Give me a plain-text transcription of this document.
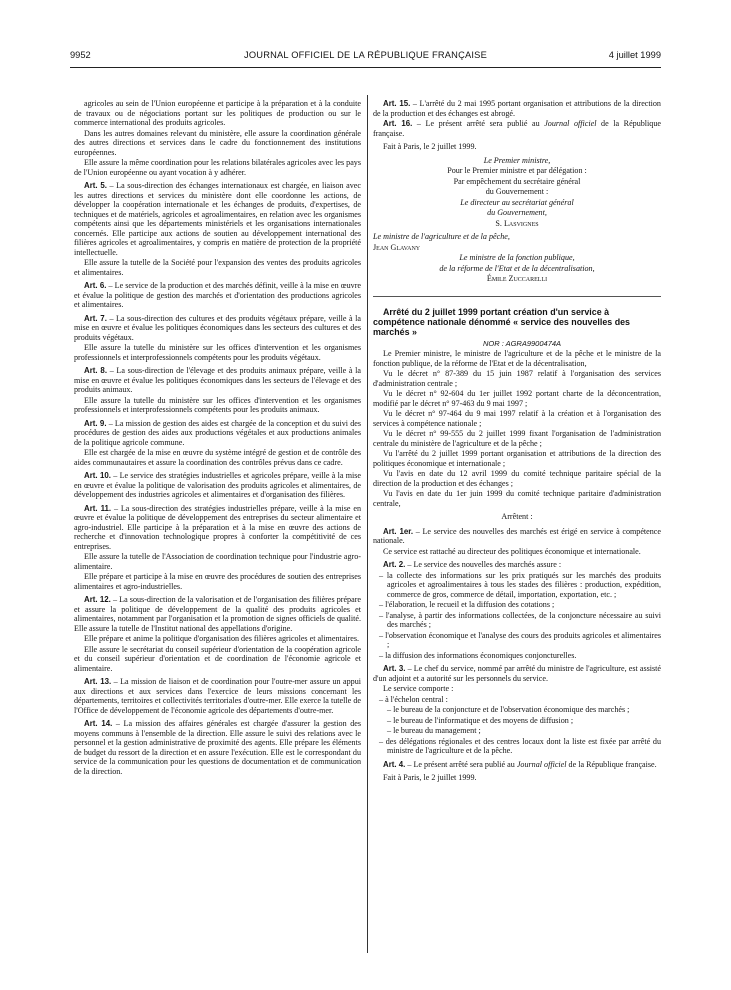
9952	JOURNAL OFFICIEL DE LA RÉPUBLIQUE FRANÇAISE	4 juillet 1999

agricoles au sein de l'Union européenne et participe à la préparation et à la conduite de travaux ou de négociations portant sur les politiques de production ou sur le commerce international des produits agricoles.

Dans les autres domaines relevant du ministère, elle assure la coordination générale des autres directions et services dans le cadre du fonctionnement des institutions européennes.

Elle assure la même coordination pour les relations bilatérales agricoles avec les pays de l'Union européenne ou ayant vocation à y adhérer.

Art. 5. – La sous-direction des échanges internationaux est chargée, en liaison avec les autres directions et services du ministère dont elle coordonne les actions, de développer la coopération internationale et les échanges de produits, d'expertises, de techniques et de matériels, agricoles et agroalimentaires, en relation avec les organismes compétents ainsi que les départements ministériels et les organisations internationales concernés. Elle participe aux actions de soutien au développement international des filières agricoles et agroalimentaires, y compris en matière de protection de la propriété intellectuelle.

Elle assure la tutelle de la Société pour l'expansion des ventes des produits agricoles et alimentaires.

Art. 6. – Le service de la production et des marchés définit, veille à la mise en œuvre et évalue la politique de gestion des marchés et d'orientation des productions agricoles et alimentaires.

Art. 7. – La sous-direction des cultures et des produits végétaux prépare, veille à la mise en œuvre et évalue les politiques économiques dans les secteurs des cultures et des produits végétaux.

Elle assure la tutelle du ministère sur les offices d'intervention et les organismes professionnels et interprofessionnels compétents pour les produits végétaux.

Art. 8. – La sous-direction de l'élevage et des produits animaux prépare, veille à la mise en œuvre et évalue les politiques économiques dans les secteurs de l'élevage et des produits animaux.

Elle assure la tutelle du ministère sur les offices d'intervention et les organismes professionnels et interprofessionnels compétents pour les produits animaux.

Art. 9. – La mission de gestion des aides est chargée de la conception et du suivi des procédures de gestion des aides aux productions végétales et aux productions animales de la politique agricole commune.

Elle est chargée de la mise en œuvre du système intégré de gestion et de contrôle des aides communautaires et assure la coordination des contrôles prévus dans ce cadre.

Art. 10. – Le service des stratégies industrielles et agricoles prépare, veille à la mise en œuvre et évalue la politique de valorisation des produits agricoles et alimentaires, de développement des industries agricoles et alimentaires et d'organisation des filières.

Art. 11. – La sous-direction des stratégies industrielles prépare, veille à la mise en œuvre et évalue la politique de développement des entreprises du secteur alimentaire et agro-industriel. Elle participe à la préparation et à la mise en œuvre des actions de recherche et d'innovation technologique propres à conforter la compétitivité de ces entreprises.

Elle assure la tutelle de l'Association de coordination technique pour l'industrie agro-alimentaire.

Elle prépare et participe à la mise en œuvre des procédures de soutien des entreprises alimentaires et agro-industrielles.

Art. 12. – La sous-direction de la valorisation et de l'organisation des filières prépare et assure la politique de développement de la qualité des produits agricoles et alimentaires, notamment par l'organisation et la promotion de signes officiels de qualité. Elle assure la tutelle de l'Institut national des appellations d'origine.

Elle prépare et anime la politique d'organisation des filières agricoles et alimentaires.

Elle assure le secrétariat du conseil supérieur d'orientation de la coopération agricole et du conseil supérieur d'orientation et de coordination de l'économie agricole et alimentaire.

Art. 13. – La mission de liaison et de coordination pour l'outre-mer assure un appui aux directions et aux services dans l'exercice de leurs missions concernant les départements, territoires et collectivités territoriales d'outre-mer. Elle exerce la tutelle de l'Office de développement de l'économie agricole des départements d'outre-mer.

Art. 14. – La mission des affaires générales est chargée d'assurer la gestion des moyens communs à l'ensemble de la direction. Elle assure le suivi des relations avec le personnel et la gestion administrative de proximité des agents. Elle prépare les éléments de budget du ressort de la direction et en assure l'exécution. Elle est le correspondant du service de la communication pour les questions de documentation et de communication de la direction.

Art. 15. – L'arrêté du 2 mai 1995 portant organisation et attributions de la direction de la production et des échanges est abrogé.

Art. 16. – Le présent arrêté sera publié au Journal officiel de la République française.

Fait à Paris, le 2 juillet 1999.

Le Premier ministre,

Pour le Premier ministre et par délégation :

Par empêchement du secrétaire général

du Gouvernement :

Le directeur au secrétariat général

du Gouvernement,

S. Lasvignes

Le ministre de l'agriculture et de la pêche,

Jean Glavany

Le ministre de la fonction publique,

de la réforme de l'Etat et de la décentralisation,

Émile Zuccarelli

Arrêté du 2 juillet 1999 portant création d'un service à compétence nationale dénommé « service des nouvelles des marchés »

NOR : AGRA9900474A

Le Premier ministre, le ministre de l'agriculture et de la pêche et le ministre de la fonction publique, de la réforme de l'Etat et de la décentralisation,

Vu le décret n° 87-389 du 15 juin 1987 relatif à l'organisation des services d'administration centrale ;

Vu le décret n° 92-604 du 1er juillet 1992 portant charte de la déconcentration, modifié par le décret n° 97-463 du 9 mai 1997 ;

Vu le décret n° 97-464 du 9 mai 1997 relatif à la création et à l'organisation des services à compétence nationale ;

Vu le décret n° 99-555 du 2 juillet 1999 fixant l'organisation de l'administration centrale du ministère de l'agriculture et de la pêche ;

Vu l'arrêté du 2 juillet 1999 portant organisation et attributions de la direction des politiques économique et internationale ;

Vu l'avis en date du 12 avril 1999 du comité technique paritaire spécial de la direction de la production et des échanges ;

Vu l'avis en date du 1er juin 1999 du comité technique paritaire d'administration centrale,

Arrêtent :

Art. 1er. – Le service des nouvelles des marchés est érigé en service à compétence nationale.

Ce service est rattaché au directeur des politiques économique et internationale.

Art. 2. – Le service des nouvelles des marchés assure :

– la collecte des informations sur les prix pratiqués sur les marchés des produits agricoles et agroalimentaires à tous les stades des filières : production, expédition, commerce de gros, commerce de détail, importation, exportation, etc. ;

– l'élaboration, le recueil et la diffusion des cotations ;

– l'analyse, à partir des informations collectées, de la conjoncture nécessaire au suivi des marchés ;

– l'observation économique et l'analyse des cours des produits agricoles et alimentaires ;

– la diffusion des informations économiques conjoncturelles.

Art. 3. – Le chef du service, nommé par arrêté du ministre de l'agriculture, est assisté d'un adjoint et a autorité sur les personnels du service.

Le service comporte :

– à l'échelon central :

– le bureau de la conjoncture et de l'observation économique des marchés ;

– le bureau de l'informatique et des moyens de diffusion ;

– le bureau du management ;

– des délégations régionales et des centres locaux dont la liste est fixée par arrêté du ministre de l'agriculture et de la pêche.

Art. 4. – Le présent arrêté sera publié au Journal officiel de la République française.

Fait à Paris, le 2 juillet 1999.
